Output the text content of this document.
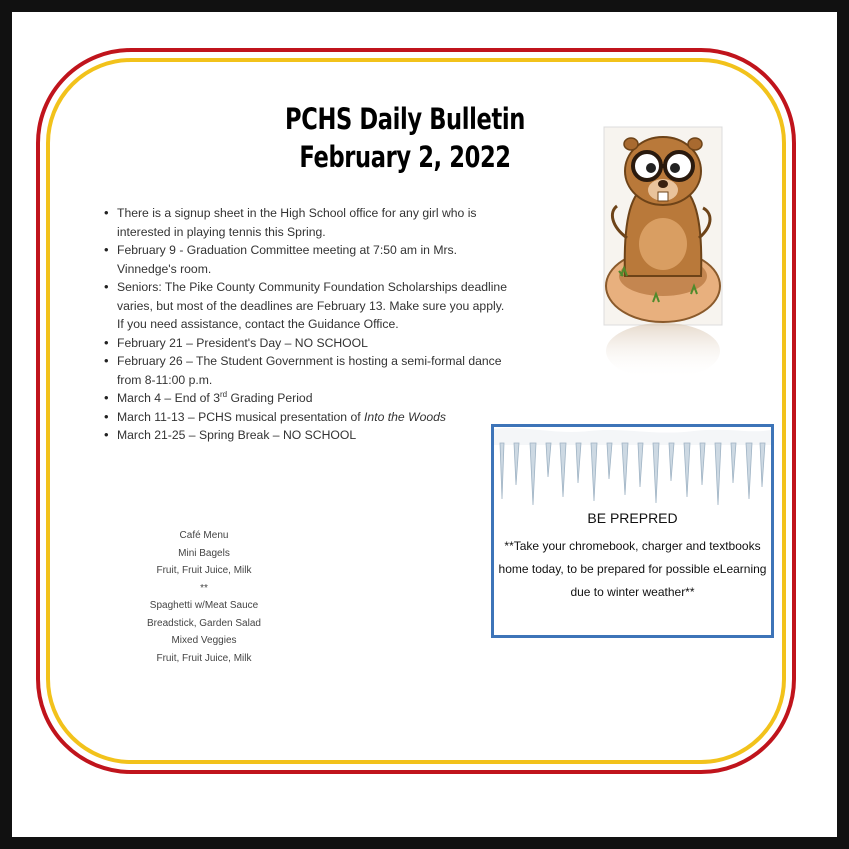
PCHS Daily Bulletin
February 2, 2022
• There is a signup sheet in the High School office for any girl who is interested in playing tennis this Spring.
• February 9 - Graduation Committee meeting at 7:50 am in Mrs. Vinnedge's room.
• Seniors: The Pike County Community Foundation Scholarships deadline varies, but most of the deadlines are February 13. Make sure you apply. If you need assistance, contact the Guidance Office.
• February 21 – President's Day – NO SCHOOL
• February 26 – The Student Government is hosting a semi-formal dance from 8-11:00 p.m.
• March 4 – End of 3rd Grading Period
• March 11-13 – PCHS musical presentation of Into the Woods
• March 21-25 – Spring Break – NO SCHOOL
Café Menu
Mini Bagels
Fruit, Fruit Juice, Milk
**
Spaghetti w/Meat Sauce
Breadstick, Garden Salad
Mixed Veggies
Fruit, Fruit Juice, Milk
BE PREPRED
**Take your chromebook, charger and textbooks
home today, to be prepared for possible eLearning
due to winter weather**
